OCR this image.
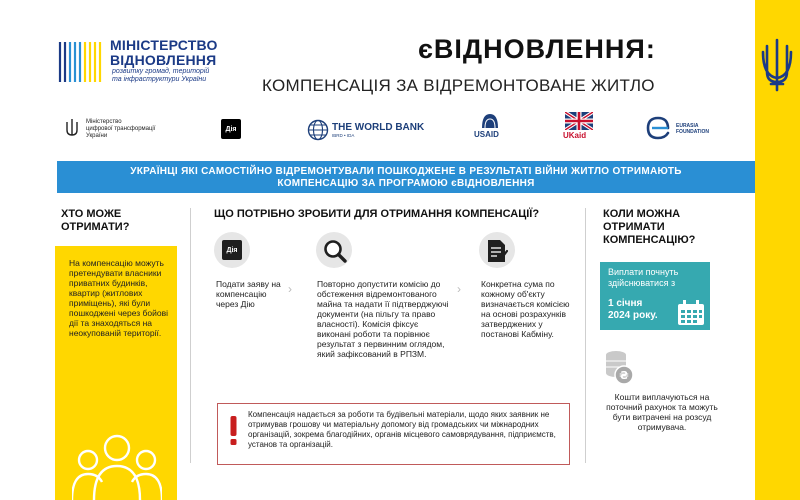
МІНІСТЕРСТВО
ВІДНОВЛЕННЯ
розвитку громад, територій
та інфраструктури України
єВІДНОВЛЕННЯ:
КОМПЕНСАЦІЯ ЗА ВІДРЕМОНТОВАНЕ ЖИТЛО
Міністерство
цифрової трансформації
України
Дія	THE WORLD BANK
IBRD • IDA	USAID	UKaid
EURASIA
FOUNDATION
УКРАЇНЦІ ЯКІ САМОСТІЙНО ВІДРЕМОНТУВАЛИ ПОШКОДЖЕНЕ В РЕЗУЛЬТАТІ ВІЙНИ ЖИТЛО ОТРИМАЮТЬ
КОМПЕНСАЦІЮ ЗА ПРОГРАМОЮ єВІДНОВЛЕННЯ
ХТО МОЖЕ
ОТРИМАТИ?
На компенсацію можуть претендувати власники приватних будинків, квартир (житлових приміщень), які були пошкоджені через бойові дії та знаходяться на неокупованій території.
ЩО ПОТРІБНО ЗРОБИТИ ДЛЯ ОТРИМАННЯ КОМПЕНСАЦІЇ?
Дія
Подати заяву на компенсацію через Дію
›	Повторно допустити комісію до обстеження відремонтованого майна та надати її підтверджуючі документи (на пільгу та право власності). Комісія фіксує виконані роботи та порівнює результат з первинним оглядом, який зафіксований в РПЗМ.
› Конкретна сума по кожному об'єкту визначається комісією на основі розрахунків затверджених у постанові Кабміну.
Компенсація надається за роботи та будівельні матеріали, щодо яких заявник не отримував грошову чи матеріальну допомогу від громадських чи міжнародних організацій, зокрема благодійних, органів місцевого самоврядування, підприємств, установ та організацій.
КОЛИ МОЖНА
ОТРИМАТИ
КОМПЕНСАЦІЮ?
Виплати почнуть здійснюватися з
1 січня
2024 року.
₴
Кошти виплачуються на поточний рахунок та можуть бути витрачені на розсуд отримувача.
